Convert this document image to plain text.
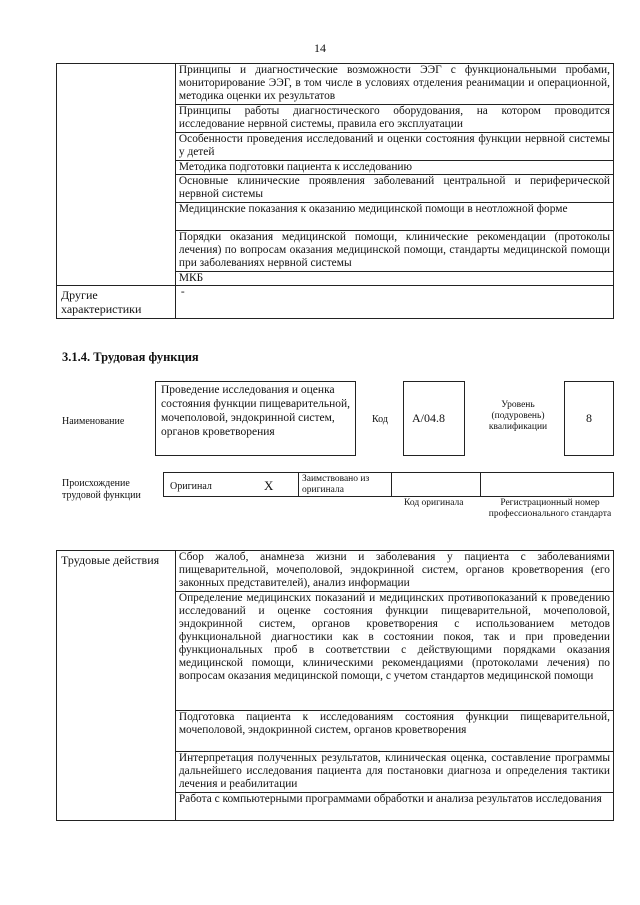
14
	Принципы и диагностические возможности ЭЭГ с функциональными пробами, мониторирование ЭЭГ, в том числе в условиях отделения реанимации и операционной, методика оценки их результатов
	Принципы работы диагностического оборудования, на котором проводится исследование нервной системы, правила его эксплуатации
	Особенности проведения исследований и оценки состояния функции нервной системы у детей
	Методика подготовки пациента к исследованию
	Основные клинические проявления заболеваний центральной и периферической нервной системы
	Медицинские показания к оказанию медицинской помощи в неотложной форме
	Порядки оказания медицинской помощи, клинические рекомендации (протоколы лечения) по вопросам оказания медицинской помощи, стандарты медицинской помощи при заболеваниях нервной системы
	МКБ
Другие характеристики	-
3.1.4. Трудовая функция
Наименование
Проведение исследования и оценка состояния функции пищеварительной, мочеполовой, эндокринной систем, органов кроветворения
Код	A/04.8
Уровень (подуровень) квалификации
8
Происхождение трудовой функции
Оригинал	X	Заимствовано из оригинала
Код оригинала	Регистрационный номер профессионального стандарта
Трудовые действия	Сбор жалоб, анамнеза жизни и заболевания у пациента с заболеваниями пищеварительной, мочеполовой, эндокринной систем, органов кроветворения (его законных представителей), анализ информации
Определение медицинских показаний и медицинских противопоказаний к проведению исследований и оценке состояния функции пищеварительной, мочеполовой, эндокринной систем, органов кроветворения с использованием методов функциональной диагностики как в состоянии покоя, так и при проведении функциональных проб в соответствии с действующими порядками оказания медицинской помощи, клиническими рекомендациями (протоколами лечения) по вопросам оказания медицинской помощи, с учетом стандартов медицинской помощи
Подготовка пациента к исследованиям состояния функции пищеварительной, мочеполовой, эндокринной систем, органов кроветворения
Интерпретация полученных результатов, клиническая оценка, составление программы дальнейшего исследования пациента для постановки диагноза и определения тактики лечения и реабилитации
Работа с компьютерными программами обработки и анализа результатов исследования
